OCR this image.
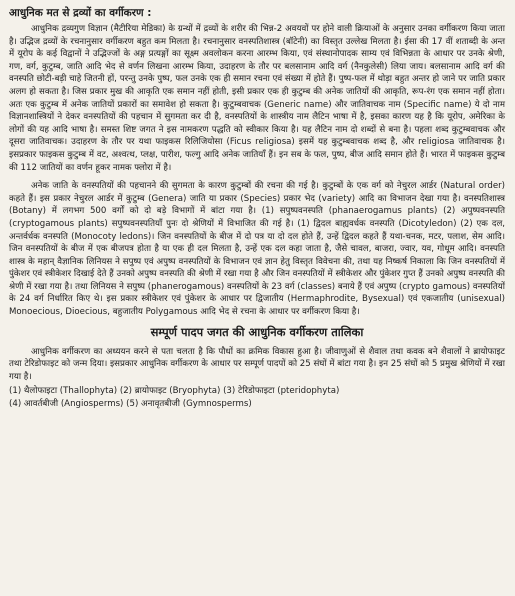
आधुनिक मत से द्रव्यों का वर्गीकरण :

आधुनिक द्रव्यगुण विज्ञान (मैटीरिया मेडिका) के ग्रन्थों में द्रव्यों के शरीर की भिन्न-2 अवयवों पर होने वाली क्रियाओं के अनुसार उनका वर्गीकरण किया जाता है। उद्भिज द्रव्यों के रचनानुसार वर्गीकरण बहुत कम मिलता है। रचनानुसार वनस्पतिशास्त्र (बॉटेनी) का विस्तृत उल्लेख मिलता है। ईसा की 17 वीं शताब्दी के अन्त में यूरोप के कई विद्वानों ने उद्भिज्जों के अङ्ग प्रत्यङ्गों का सूक्ष्म अवलोकन करना आरम्भ किया, एवं संस्थानोपादक साम्य एवं विभिन्नता के आधार पर उनके श्रेणी, गण, वर्ग, कुटुम्ब, जाति आदि भेद से वर्णन लिखना आरम्भ किया, उदाहरण के तौर पर बलसानाम आदि वर्ग (नैनकुलेसी) लिया जाय। बलसानाम आदि वर्ग की वनस्पति छोटी-बड़ी चाहे जितनी हों, परन्तु उनके पुष्प, फल उनके एक ही समान रचना एवं संख्या में होते हैं। पुष्प-फल में थोड़ा बहुत अन्तर हो जाने पर जाति प्रकार अलग हो सकता है। जिस प्रकार मुख की आकृति एक समान नहीं होती, इसी प्रकार एक ही कुटुम्ब की अनेक जातियों की आकृति, रूप-रंग एक समान नहीं होता। अतः एक कुटुम्ब में अनेक जातियों प्रकारों का समावेश हो सकता है। कुटुम्बवाचक (Generic name) और जातिवाचक नाम (Specific name) ये दो नाम विज्ञानशास्त्रियों ने देकर वनस्पतियों की पहचान में सुगमता कर दी है, वनस्पतियों के शास्त्रीय नाम लैटिन भाषा में है, इसका कारण यह है कि यूरोप, अमेरिका के लोगों की यह आदि भाषा है। समस्त शिष्ट जगत ने इस नामकरण पद्धति को स्वीकार किया है। यह लैटिन नाम दो शब्दों से बना है। पहला शब्द कुटुम्बवाचक और दूसरा जातिवाचक। उदाहरण के तौर पर यथा फाइकस रिलिजियोसा (Ficus religiosa) इसमें यह कुटुम्बवाचक शब्द है, और religiosa जातिवाचक है। इसप्रकार फाइकस कुटुम्ब में वट, अश्वत्थ, प्लक्ष, पारीश, फल्गु आदि अनेक जातियाँ हैं। इन सब के फल, पुष्प, बीज आदि समान होते हैं। भारत में फाइकस कुटुम्ब की 112 जातियों का वर्णन हूकर नामक फ्लोरा में है।

अनेक जाति के वनस्पतियों की पहचानने की सुगमता के कारण कुटुम्बों की रचना की गई है। कुटुम्बों के एक वर्ग को नेचुरल आर्डर (Natural order) कहते हैं। इस प्रकार नेचुरल आर्डर में कुटुम्ब (Genera) जाति या प्रकार (Species) प्रकार भेद (variety) आदि का विभाजन देखा गया है। वनस्पतिशास्त्र (Botany) में लगभग 500 वर्गों को दो बड़े विभागों में बांटा गया है। (1) सपुष्पवनस्पति (phanaerogamus plants) (2) अपुष्पवनस्पति (cryptogamous plants) सपुष्पवनस्पतियाँ पुनः दो श्रेणियों में विभाजित की गई है। (1) द्विदल बाह्यवर्धक वनस्पति (Dicotyledon) (2) एक दल, अन्तर्वर्धक वनस्पति (Monocoty ledons)। जिन वनस्पतियों के बीज में दो पत्र या दो दल होते हैं, उन्हें द्विदल कहते हैं यथा-चनक, मटर, पलाश, सेम आदि। जिन वनस्पतियों के बीज में एक बीजपत्र होता है या एक ही दल मिलता है, उन्हें एक दल कहा जाता है, जैसे चावल, बाजरा, ज्वार, यव, गोधूम आदि। वनस्पति शास्त्र के महान् वैज्ञानिक लिनियस ने सपुष्प एवं अपुष्प वनस्पतियों के विभाजन एवं ज्ञान हेतु विस्तृत विवेचना की, तथा यह निष्कर्ष निकाला कि जिन वनस्पतियों में पुंकेशर एवं स्त्रीकेशर दिखाई देते हैं उनको अपुष्प वनस्पति की श्रेणी में रखा गया है और जिन वनस्पतियों में स्त्रीकेशर और पुंकेशर गुप्त हैं उनको अपुष्प वनस्पति की श्रेणी में रखा गया है। तथा लिनियस ने सपुष्प (phanerogamous) वनस्पतियों के 23 वर्ग (classes) बनाये हैं एवं अपुष्प (crypto gamous) वनस्पतियों के 24 वर्ग निर्धारित किए थे। इस प्रकार स्त्रीकेशर एवं पुंकेशर के आधार पर द्विजातीय (Hermaphrodite, Bysexual) एवं एकजातीय (unisexual) Monoecious, Dioecious, बहुजातीय Polygamous आदि भेद से रचना के आधार पर वर्गीकरण किया है।

सम्पूर्ण पादप जगत की आधुनिक वर्गीकरण तालिका

आधुनिक वर्गीकरण का अध्ययन करने से पता चलता है कि पौधों का क्रमिक विकास हुआ है। जीवाणुओं से शैवाल तथा कवक बने शैवालों ने ब्रायोफाइट तथा टेरिडोफाइट को जन्म दिया। इसप्रकार आधुनिक वर्गीकरण के आधार पर सम्पूर्ण पादपों को 25 संघों में बांटा गया है। इन 25 संघों को 5 प्रमुख श्रेणियों में रखा गया है।

(1) थैलोफाइटा (Thallophyta) (2) ब्रायोफाइट (Bryophyta) (3) टेरिडोफाइटा (pteridophyta)
(4) आवर्तबीजी (Angiosperms) (5) अनावृतबीजी (Gymnosperms)
